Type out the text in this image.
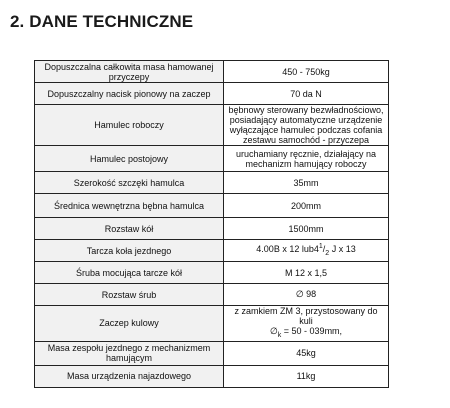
2. DANE TECHNICZNE
Dopuszczalna całkowita masa hamowanej przyczepy	450 - 750kg
Dopuszczalny nacisk pionowy na zaczep	70 da N
Hamulec roboczy	bębnowy sterowany bezwładnościowo, posiadający automatyczne urządzenie wyłączające hamulec podczas cofania zestawu samochód - przyczepa
Hamulec postojowy	uruchamiany ręcznie, działający na mechanizm hamujący roboczy
Szerokość szczęki hamulca	35mm
Średnica wewnętrzna bębna hamulca	200mm
Rozstaw kół	1500mm
Tarcza koła jezdnego	4.00B x 12 $lub4^1/_2$ J x 13
Śruba mocująca tarcze kół	M 12 x 1,5
Rozstaw śrub	∅ 98
Zaczep kulowy	z zamkiem ZM 3, przystosowany do kuli
$\emptyset_k = 50 - 039mm$,
Masa zespołu jezdnego z mechanizmem hamującym	45kg
Masa urządzenia najazdowego	11kg
